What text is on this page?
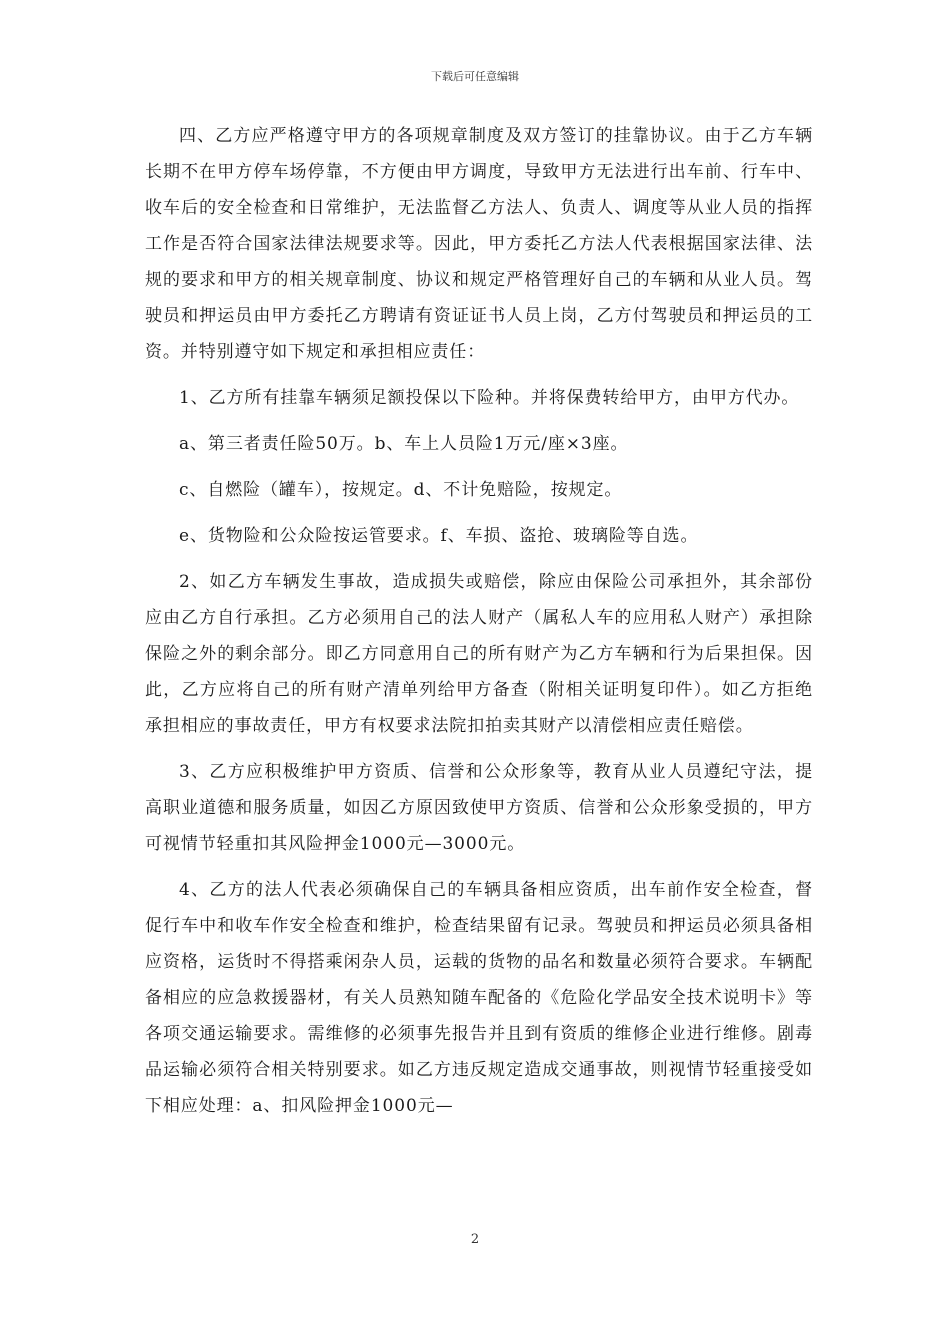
下载后可任意编辑

四、乙方应严格遵守甲方的各项规章制度及双方签订的挂靠协议。由于乙方车辆长期不在甲方停车场停靠，不方便由甲方调度，导致甲方无法进行出车前、行车中、收车后的安全检查和日常维护，无法监督乙方法人、负责人、调度等从业人员的指挥工作是否符合国家法律法规要求等。因此，甲方委托乙方法人代表根据国家法律、法规的要求和甲方的相关规章制度、协议和规定严格管理好自己的车辆和从业人员。驾驶员和押运员由甲方委托乙方聘请有资证证书人员上岗，乙方付驾驶员和押运员的工资。并特别遵守如下规定和承担相应责任：

1、乙方所有挂靠车辆须足额投保以下险种。并将保费转给甲方，由甲方代办。

a、第三者责任险50万。b、车上人员险1万元/座×3座。

c、自燃险（罐车），按规定。d、不计免赔险，按规定。

e、货物险和公众险按运管要求。f、车损、盗抢、玻璃险等自选。

2、如乙方车辆发生事故，造成损失或赔偿，除应由保险公司承担外，其余部份应由乙方自行承担。乙方必须用自己的法人财产（属私人车的应用私人财产）承担除保险之外的剩余部分。即乙方同意用自己的所有财产为乙方车辆和行为后果担保。因此，乙方应将自己的所有财产清单列给甲方备查（附相关证明复印件）。如乙方拒绝承担相应的事故责任，甲方有权要求法院扣拍卖其财产以清偿相应责任赔偿。

3、乙方应积极维护甲方资质、信誉和公众形象等，教育从业人员遵纪守法，提高职业道德和服务质量，如因乙方原因致使甲方资质、信誉和公众形象受损的，甲方可视情节轻重扣其风险押金1000元—3000元。

4、乙方的法人代表必须确保自己的车辆具备相应资质，出车前作安全检查，督促行车中和收车作安全检查和维护，检查结果留有记录。驾驶员和押运员必须具备相应资格，运货时不得搭乘闲杂人员，运载的货物的品名和数量必须符合要求。车辆配备相应的应急救援器材，有关人员熟知随车配备的《危险化学品安全技术说明卡》等各项交通运输要求。需维修的必须事先报告并且到有资质的维修企业进行维修。剧毒品运输必须符合相关特别要求。如乙方违反规定造成交通事故，则视情节轻重接受如下相应处理：a、扣风险押金1000元—

2
